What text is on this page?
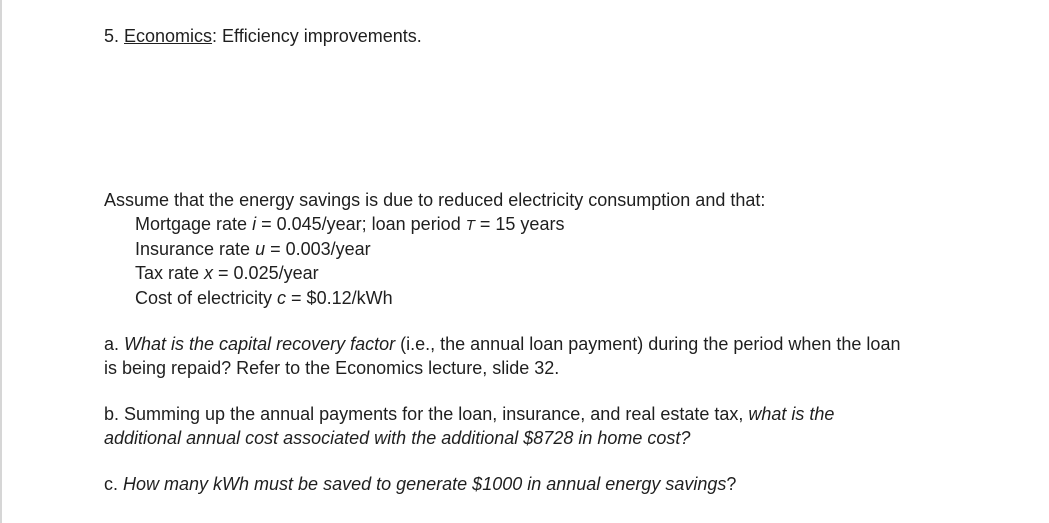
5. Economics: Efficiency improvements.
Assume that the energy savings is due to reduced electricity consumption and that:
Mortgage rate i = 0.045/year; loan period T = 15 years
Insurance rate u = 0.003/year
Tax rate x = 0.025/year
Cost of electricity c = $0.12/kWh
a. What is the capital recovery factor (i.e., the annual loan payment) during the period when the loan
is being repaid? Refer to the Economics lecture, slide 32.
b. Summing up the annual payments for the loan, insurance, and real estate tax, what is the
additional annual cost associated with the additional $8728 in home cost?
c. How many kWh must be saved to generate $1000 in annual energy savings?
